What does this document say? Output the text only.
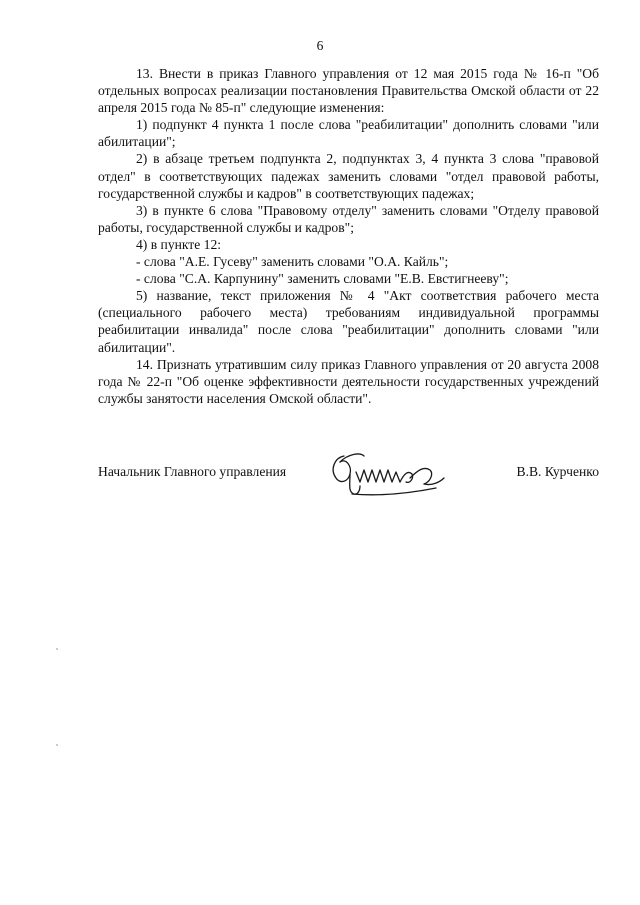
6

13. Внести в приказ Главного управления от 12 мая 2015 года № 16-п "Об отдельных вопросах реализации постановления Правительства Омской области от 22 апреля 2015 года № 85-п" следующие изменения:

1) подпункт 4 пункта 1 после слова "реабилитации" дополнить словами "или абилитации";

2) в абзаце третьем подпункта 2, подпунктах 3, 4 пункта 3 слова "правовой отдел" в соответствующих падежах заменить словами "отдел правовой работы, государственной службы и кадров" в соответствующих падежах;

3) в пункте 6 слова "Правовому отделу" заменить словами "Отделу правовой работы, государственной службы и кадров";

4) в пункте 12:

- слова "А.Е. Гусеву" заменить словами "О.А. Кайль";

- слова "С.А. Карпунину" заменить словами "Е.В. Евстигнееву";

5) название, текст приложения № 4 "Акт соответствия рабочего места (специального рабочего места) требованиям индивидуальной программы реабилитации инвалида" после слова "реабилитации" дополнить словами "или абилитации".

14. Признать утратившим силу приказ Главного управления от 20 августа 2008 года № 22-п "Об оценке эффективности деятельности государственных учреждений службы занятости населения Омской области".

Начальник Главного управления	В.В. Курченко
